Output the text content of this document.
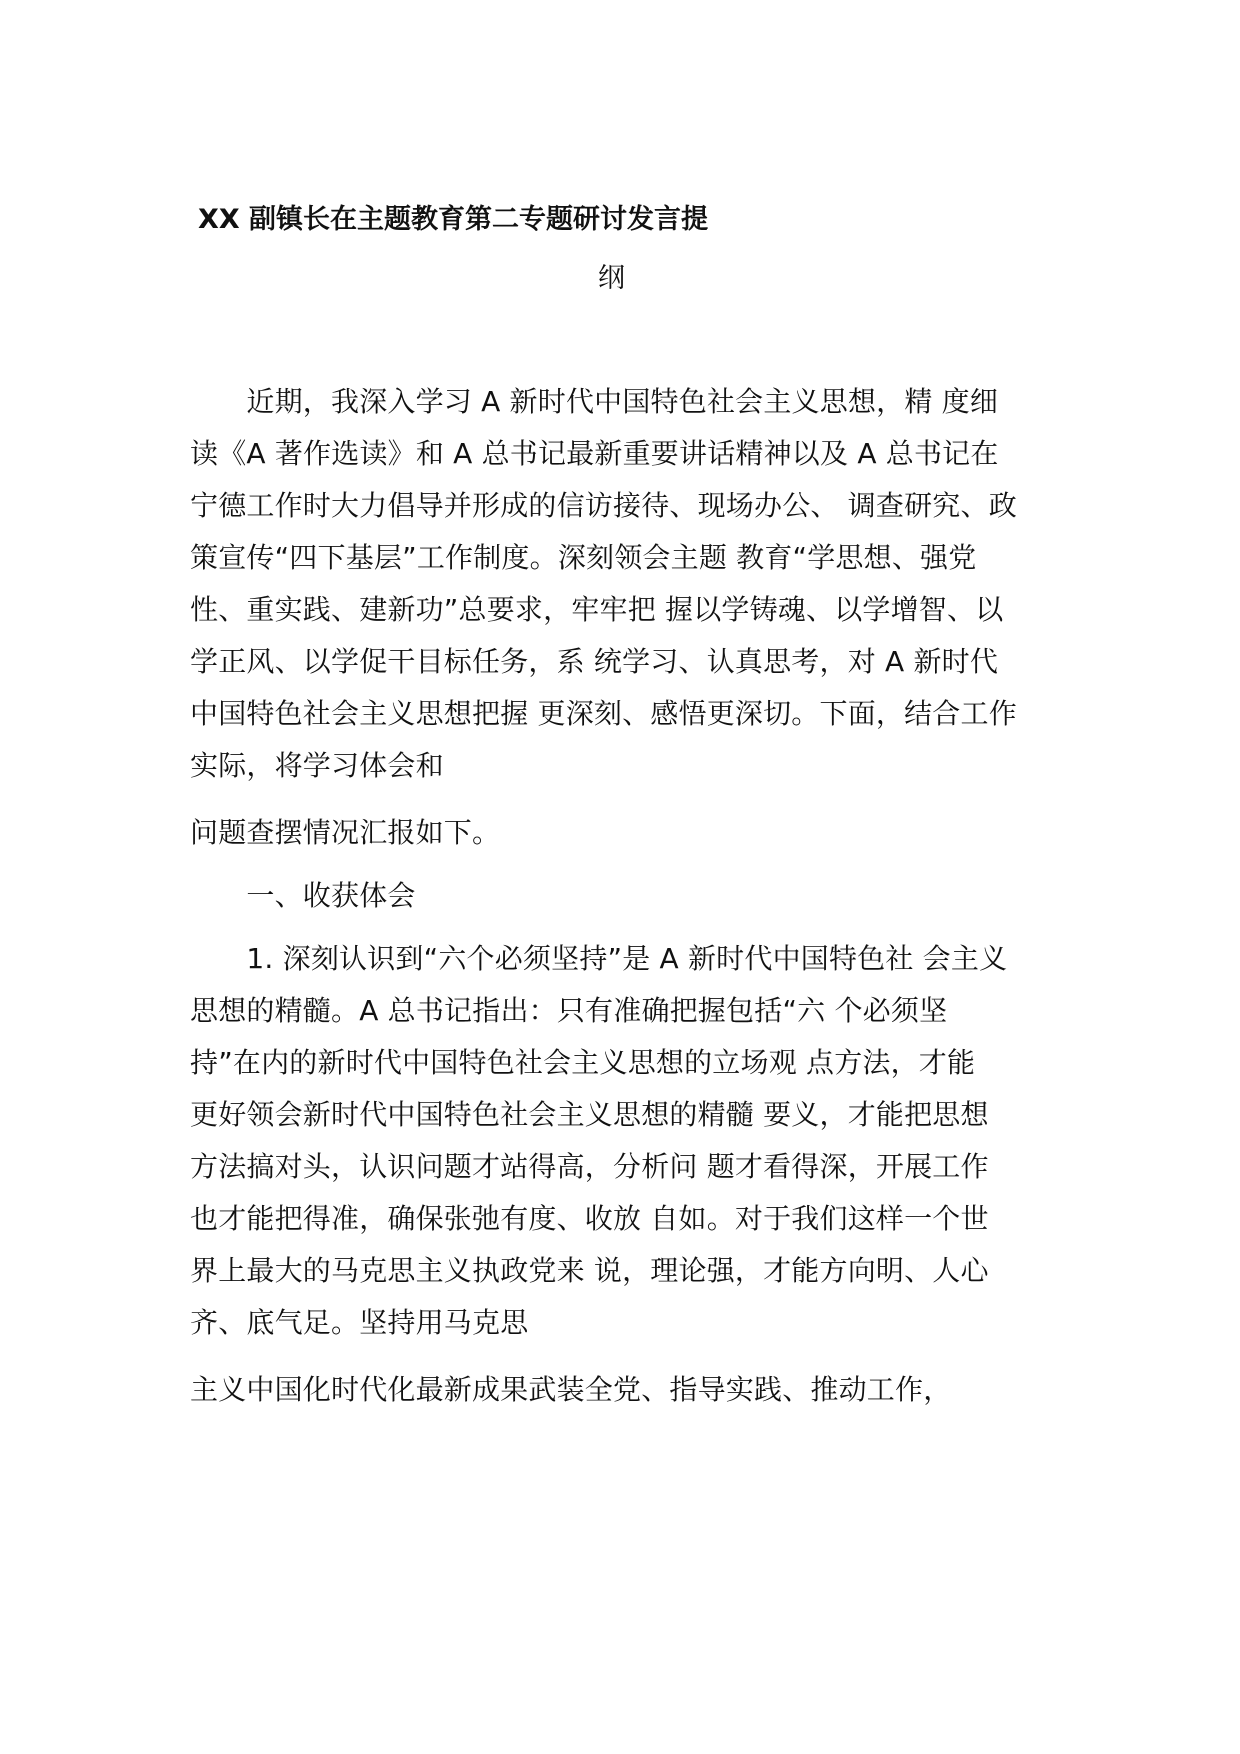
XX 副镇长在主题教育第二专题研讨发言提
纲
　　近期，我深入学习 A 新时代中国特色社会主义思想，精 度细
读《A 著作选读》和 A 总书记最新重要讲话精神以及 A 总书记在
宁德工作时大力倡导并形成的信访接待、现场办公、 调查研究、政
策宣传“四下基层”工作制度。深刻领会主题 教育“学思想、强党
性、重实践、建新功”总要求，牢牢把 握以学铸魂、以学增智、以
学正风、以学促干目标任务，系 统学习、认真思考，对 A 新时代
中国特色社会主义思想把握 更深刻、感悟更深切。下面，结合工作
实际，将学习体会和
问题查摆情况汇报如下。
　　一、收获体会
　　1. 深刻认识到“六个必须坚持”是 A 新时代中国特色社 会主义
思想的精髓。A 总书记指出：只有准确把握包括“六 个必须坚
持”在内的新时代中国特色社会主义思想的立场观 点方法，才能
更好领会新时代中国特色社会主义思想的精髓 要义，才能把思想
方法搞对头，认识问题才站得高，分析问 题才看得深，开展工作
也才能把得准，确保张弛有度、收放 自如。对于我们这样一个世
界上最大的马克思主义执政党来 说，理论强，才能方向明、人心
齐、底气足。坚持用马克思
主义中国化时代化最新成果武装全党、指导实践、推动工作，
